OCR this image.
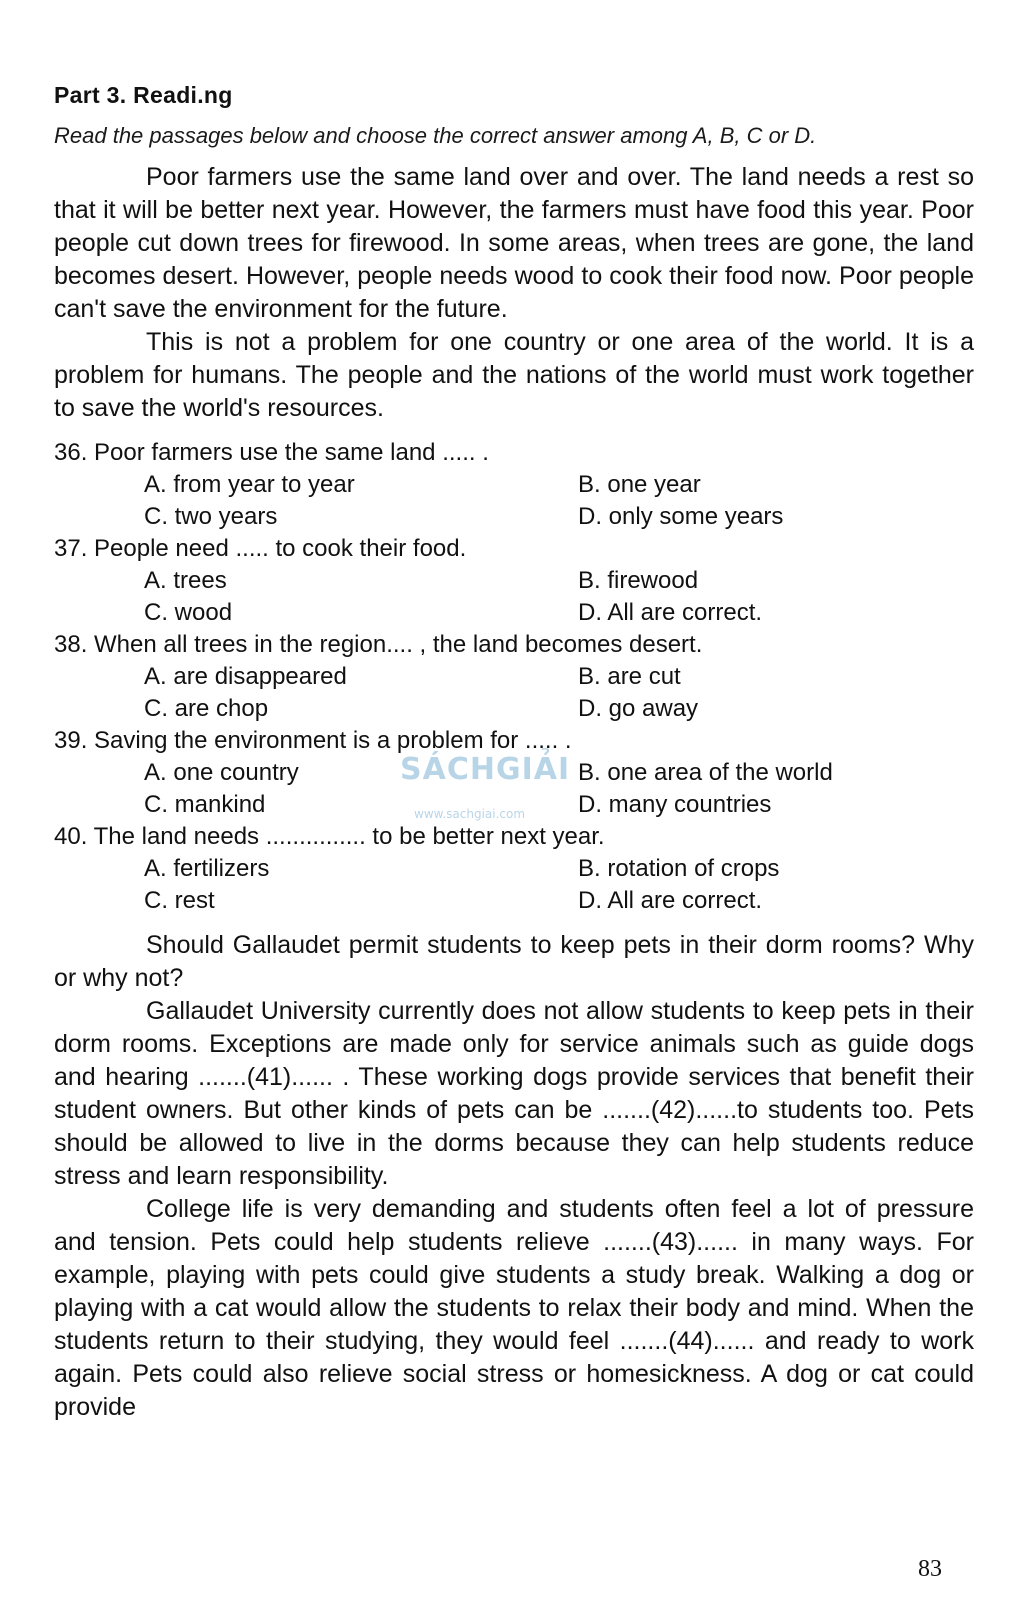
Part 3. Readi.ng
Read the passages below and choose the correct answer among A, B, C or D.

Poor farmers use the same land over and over. The land needs a rest so that it will be better next year. However, the farmers must have food this year. Poor people cut down trees for firewood. In some areas, when trees are gone, the land becomes desert. However, people needs wood to cook their food now. Poor people can't save the environment for the future.

This is not a problem for one country or one area of the world. It is a problem for humans. The people and the nations of the world must work together to save the world's resources.

36. Poor farmers use the same land ..... .
A. from year to year	B. one year
C. two years	D. only some years
37. People need ..... to cook their food.
A. trees	B. firewood
C. wood	D. All are correct.
38. When all trees in the region.... , the land becomes desert.
A. are disappeared	B. are cut
C. are chop	D. go away
39. Saving the environment is a problem for ..... .
A. one country	B. one area of the world
C. mankind	D. many countries
40. The land needs ............... to be better next year.
A. fertilizers	B. rotation of crops
C. rest	D. All are correct.

Should Gallaudet permit students to keep pets in their dorm rooms? Why or why not?

Gallaudet University currently does not allow students to keep pets in their dorm rooms. Exceptions are made only for service animals such as guide dogs and hearing .......(41)...... . These working dogs provide services that benefit their student owners. But other kinds of pets can be .......(42)......to students too. Pets should be allowed to live in the dorms because they can help students reduce stress and learn responsibility.

College life is very demanding and students often feel a lot of pressure and tension. Pets could help students relieve .......(43)...... in many ways. For example, playing with pets could give students a study break. Walking a dog or playing with a cat would allow the students to relax their body and mind. When the students return to their studying, they would feel .......(44)...... and ready to work again. Pets could also relieve social stress or homesickness. A dog or cat could provide

SÁCHGIẢI
www.sachgiai.com
83
